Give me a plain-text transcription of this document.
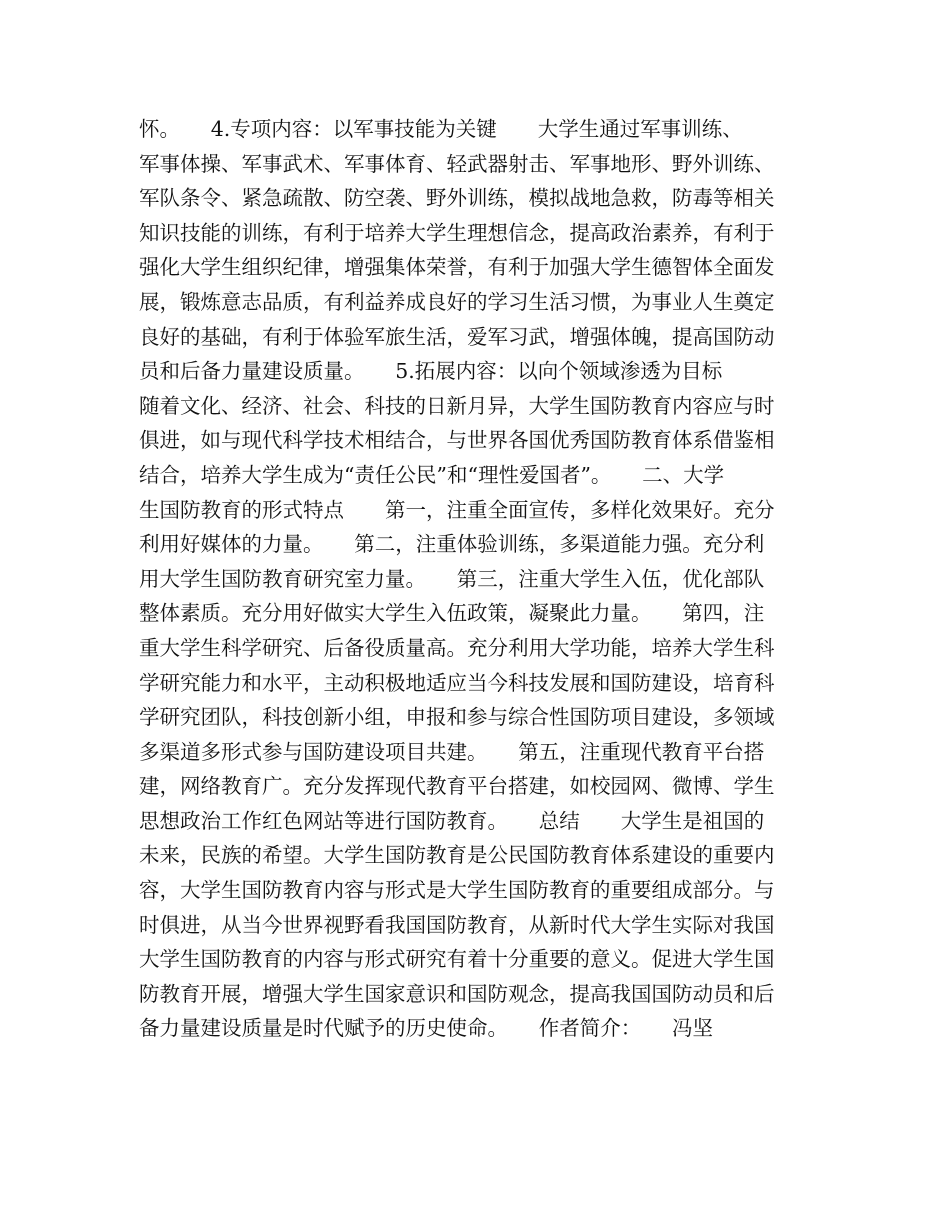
怀。　　4.专项内容：以军事技能为关键　　大学生通过军事训练、
军事体操、军事武术、军事体育、轻武器射击、军事地形、野外训练、
军队条令、紧急疏散、防空袭、野外训练，模拟战地急救，防毒等相关
知识技能的训练，有利于培养大学生理想信念，提高政治素养，有利于
强化大学生组织纪律，增强集体荣誉，有利于加强大学生德智体全面发
展，锻炼意志品质，有利益养成良好的学习生活习惯，为事业人生奠定
良好的基础，有利于体验军旅生活，爱军习武，增强体魄，提高国防动
员和后备力量建设质量。　　5.拓展内容：以向个领域渗透为目标
随着文化、经济、社会、科技的日新月异，大学生国防教育内容应与时
俱进，如与现代科学技术相结合，与世界各国优秀国防教育体系借鉴相
结合，培养大学生成为“责任公民”和“理性爱国者”。　　二、大学
生国防教育的形式特点　　第一，注重全面宣传，多样化效果好。充分
利用好媒体的力量。　　第二，注重体验训练，多渠道能力强。充分利
用大学生国防教育研究室力量。　　第三，注重大学生入伍，优化部队
整体素质。充分用好做实大学生入伍政策，凝聚此力量。　　第四，注
重大学生科学研究、后备役质量高。充分利用大学功能，培养大学生科
学研究能力和水平，主动积极地适应当今科技发展和国防建设，培育科
学研究团队，科技创新小组，申报和参与综合性国防项目建设，多领域
多渠道多形式参与国防建设项目共建。　　第五，注重现代教育平台搭
建，网络教育广。充分发挥现代教育平台搭建，如校园网、微博、学生
思想政治工作红色网站等进行国防教育。　　总结　　大学生是祖国的
未来，民族的希望。大学生国防教育是公民国防教育体系建设的重要内
容，大学生国防教育内容与形式是大学生国防教育的重要组成部分。与
时俱进，从当今世界视野看我国国防教育，从新时代大学生实际对我国
大学生国防教育的内容与形式研究有着十分重要的意义。促进大学生国
防教育开展，增强大学生国家意识和国防观念，提高我国国防动员和后
备力量建设质量是时代赋予的历史使命。　　作者简介：　　冯坚
